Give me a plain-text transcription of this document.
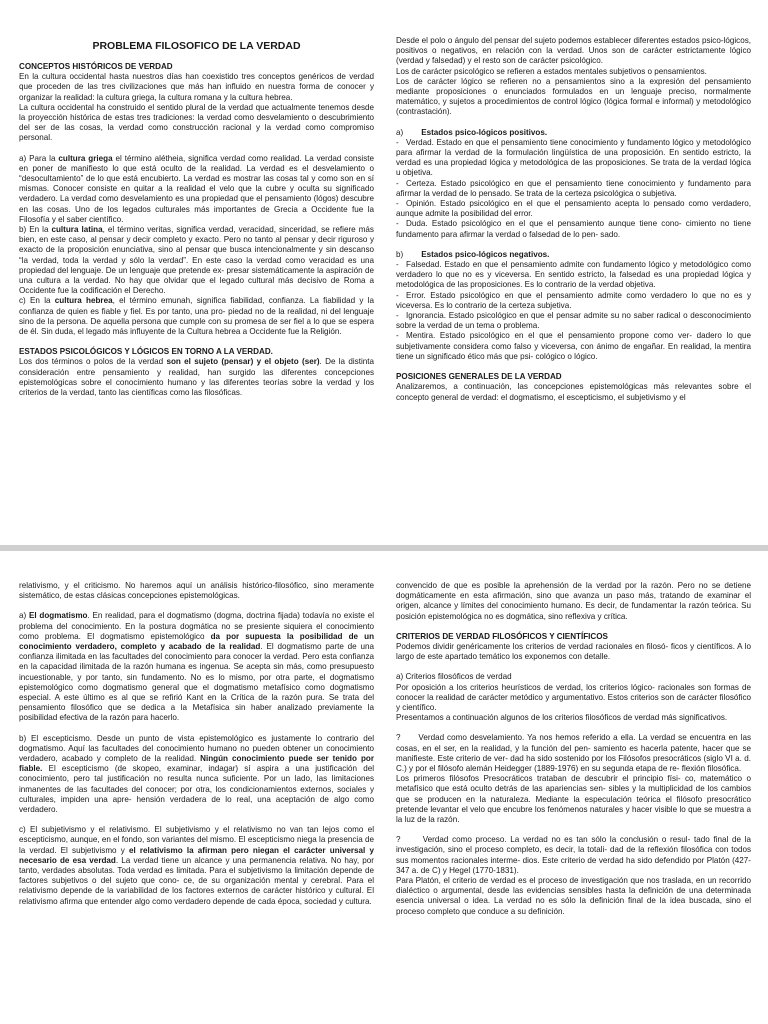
PROBLEMA FILOSOFICO DE LA VERDAD

CONCEPTOS HISTÓRICOS DE VERDAD

En la cultura occidental hasta nuestros días han coexistido tres conceptos genéricos de verdad que proceden de las tres civilizaciones que más han influido en nuestra forma de conocer y organizar la realidad: la cultura griega, la cultura romana y la cultura hebrea.

La cultura occidental ha construido el sentido plural de la verdad que actualmente tenemos desde la proyección histórica de estas tres tradiciones: la verdad como desvelamiento o descubrimiento del ser de las cosas, la verdad como construcción racional y la verdad como compromiso personal.

a) Para la cultura griega el término alétheia, significa verdad como realidad. La verdad consiste en poner de manifiesto lo que está oculto de la realidad. La verdad es el desvelamiento o “desocultamiento” de lo que está encubierto. La verdad es mostrar las cosas tal y como son en sí mismas. Conocer consiste en quitar a la realidad el velo que la cubre y oculta su significado verdadero. La verdad como desvelamiento es una propiedad que el pensamiento (lógos) descubre en las cosas. Uno de los legados culturales más importantes de Grecia a Occidente fue la Filosofía y el saber científico.

b) En la cultura latina, el término veritas, significa verdad, veracidad, sinceridad, se refiere más bien, en este caso, al pensar y decir completo y exacto. Pero no tanto al pensar y decir riguroso y exacto de la proposición enunciativa, sino al pensar que busca intencionalmente y sin descanso “la verdad, toda la verdad y sólo la verdad”. En este caso la verdad como veracidad es una propiedad del lenguaje. De un lenguaje que pretende ex- presar sistemáticamente la aspiración de una cultura a la verdad. No hay que olvidar que el legado cultural más decisivo de Roma a Occidente fue la codificación el Derecho.

c) En la cultura hebrea, el término emunah, significa fiabilidad, confianza. La fiabilidad y la confianza de quien es fiable y fiel. Es por tanto, una pro- piedad no de la realidad, ni del lenguaje sino de la persona. De aquella persona que cumple con su promesa de ser fiel a lo que se espera de él. Sin duda, el legado más influyente de la Cultura hebrea a Occidente fue la Religión.

ESTADOS PSICOLÓGICOS Y LÓGICOS EN TORNO A LA VERDAD.

Los dos términos o polos de la verdad son el sujeto (pensar) y el objeto (ser). De la distinta consideración entre pensamiento y realidad, han surgido las diferentes concepciones epistemológicas sobre el conocimiento humano y las diferentes teorías sobre la verdad y los criterios de la verdad, tanto las científicas como las filosóficas.

Desde el polo o ángulo del pensar del sujeto podemos establecer diferentes estados psico-lógicos, positivos o negativos, en relación con la verdad. Unos son de carácter estrictamente lógico (verdad y falsedad) y el resto son de carácter psicológico.

Los de carácter psicológico se refieren a estados mentales subjetivos o pensamientos.

Los de carácter lógico se refieren no a pensamientos sino a la expresión del pensamiento mediante proposiciones o enunciados formulados en un lenguaje preciso, normalmente matemático, y sujetos a procedimientos de control lógico (lógica formal e informal) y metodológico (contrastación).

a) Estados psico-lógicos positivos.

- Verdad. Estado en que el pensamiento tiene conocimiento y fundamento lógico y metodológico para afirmar la verdad de la formulación lingüística de una proposición. En sentido estricto, la verdad es una propiedad lógica y metodológica de las proposiciones. Se trata de la verdad lógica u objetiva.

- Certeza. Estado psicológico en que el pensamiento tiene conocimiento y fundamento para afirmar la verdad de lo pensado. Se trata de la certeza psicológica o subjetiva.

- Opinión. Estado psicológico en el que el pensamiento acepta lo pensado como verdadero, aunque admite la posibilidad del error.

- Duda. Estado psicológico en el que el pensamiento aunque tiene cono- cimiento no tiene fundamento para afirmar la verdad o falsedad de lo pen- sado.

b) Estados psico-lógicos negativos.

- Falsedad. Estado en que el pensamiento admite con fundamento lógico y metodológico como verdadero lo que no es y viceversa. En sentido estricto, la falsedad es una propiedad lógica y metodológica de las proposiciones. Es lo contrario de la verdad objetiva.

- Error. Estado psicológico en que el pensamiento admite como verdadero lo que no es y viceversa. Es lo contrario de la certeza subjetiva.

- Ignorancia. Estado psicológico en que el pensar admite su no saber radical o desconocimiento sobre la verdad de un tema o problema.

- Mentira. Estado psicológico en el que el pensamiento propone como ver- dadero lo que subjetivamente considera como falso y viceversa, con ánimo de engañar. En realidad, la mentira tiene un significado ético más que psi- cológico o lógico.

POSICIONES GENERALES DE LA VERDAD

Analizaremos, a continuación, las concepciones epistemológicas más relevantes sobre el concepto general de verdad: el dogmatismo, el escepticismo, el subjetivismo y el

relativismo, y el criticismo. No haremos aquí un análisis histórico-filosófico, sino meramente sistemático, de estas clásicas concepciones epistemológicas.

a) El dogmatismo. En realidad, para el dogmatismo (dogma, doctrina fijada) todavía no existe el problema del conocimiento. En la postura dogmática no se presiente siquiera el conocimiento como problema. El dogmatismo epistemológico da por supuesta la posibilidad de un conocimiento verdadero, completo y acabado de la realidad. El dogmatismo parte de una confianza ilimitada en las facultades del conocimiento para conocer la verdad. Pero esta confianza en la capacidad ilimitada de la razón humana es ingenua. Se acepta sin más, como presupuesto incuestionable, y por tanto, sin fundamento. No es lo mismo, por otra parte, el dogmatismo epistemológico como dogmatismo general que el dogmatismo metafísico como dogmatismo especial. A este último es al que se refirió Kant en la Crítica de la razón pura. Se trata del pensamiento filosófico que se dedica a la Metafísica sin haber analizado previamente la posibilidad efectiva de la razón para hacerlo.

b) El escepticismo. Desde un punto de vista epistemológico es justamente lo contrario del dogmatismo. Aquí las facultades del conocimiento humano no pueden obtener un conocimiento verdadero, acabado y completo de la realidad. Ningún conocimiento puede ser tenido por fiable. El escepticismo (de skopeo, examinar, indagar) sí aspira a una justificación del conocimiento, pero tal justificación no resulta nunca suficiente. Por un lado, las limitaciones inmanentes de las facultades del conocer; por otra, los condicionamientos externos, sociales y culturales, impiden una apre- hensión verdadera de lo real, una aceptación de algo como verdadero.

c) El subjetivismo y el relativismo. El subjetivismo y el relativismo no van tan lejos como el escepticismo, aunque, en el fondo, son variantes del mismo. El escepticismo niega la presencia de la verdad. El subjetivismo y el relativismo la afirman pero niegan el carácter universal y necesario de esa verdad. La verdad tiene un alcance y una permanencia relativa. No hay, por tanto, verdades absolutas. Toda verdad es limitada. Para el subjetivismo la limitación depende de factores subjetivos o del sujeto que cono- ce, de su organización mental y cerebral. Para el relativismo depende de la variabilidad de los factores externos de carácter histórico y cultural. El relativismo afirma que entender algo como verdadero depende de cada época, sociedad y cultura.

convencido de que es posible la aprehensión de la verdad por la razón. Pero no se detiene dogmáticamente en esta afirmación, sino que avanza un paso más, tratando de examinar el origen, alcance y límites del conocimiento humano. Es decir, de fundamentar la razón teórica. Su posición epistemológica no es dogmática, sino reflexiva y crítica.

CRITERIOS DE VERDAD FILOSÓFICOS Y CIENTÍFICOS

Podemos dividir genéricamente los criterios de verdad racionales en filosó- ficos y científicos. A lo largo de este apartado temático los exponemos con detalle.

a) Criterios filosóficos de verdad

Por oposición a los criterios heurísticos de verdad, los criterios lógico- racionales son formas de conocer la realidad de carácter metódico y argumentativo. Estos criterios son de carácter filosófico y científico.

Presentamos a continuación algunos de los criterios filosóficos de verdad más significativos.

? Verdad como desvelamiento. Ya nos hemos referido a ella. La verdad se encuentra en las cosas, en el ser, en la realidad, y la función del pen- samiento es hacerla patente, hacer que se manifieste. Este criterio de ver- dad ha sido sostenido por los Filósofos presocráticos (siglo VI a. d. C.) y por el filósofo alemán Heidegger (1889-1976) en su segunda etapa de re- flexión filosófica.

Los primeros filósofos Presocráticos trataban de descubrir el principio físi- co, matemático o metafísico que está oculto detrás de las apariencias sen- sibles y la multiplicidad de los cambios que se producen en la naturaleza. Mediante la especulación teórica el filósofo presocrático pretende levantar el velo que encubre los fenómenos naturales y hacer visible lo que se muestra a la luz de la razón.

?	Verdad como proceso. La verdad no es tan sólo la conclusión o resul- tado final de la investigación, sino el proceso completo, es decir, la totali- dad de la reflexión filosófica con todos sus momentos racionales interme- dios. Este criterio de verdad ha sido defendido por Platón (427-347 a. de C) y Hegel (1770-1831).

Para Platón, el criterio de verdad es el proceso de investigación que nos traslada, en un recorrido dialéctico o argumental, desde las evidencias sensibles hasta la definición de una determinada esencia universal o idea. La verdad no es sólo la definición final de la idea buscada, sino el proceso completo que conduce a su definición.
